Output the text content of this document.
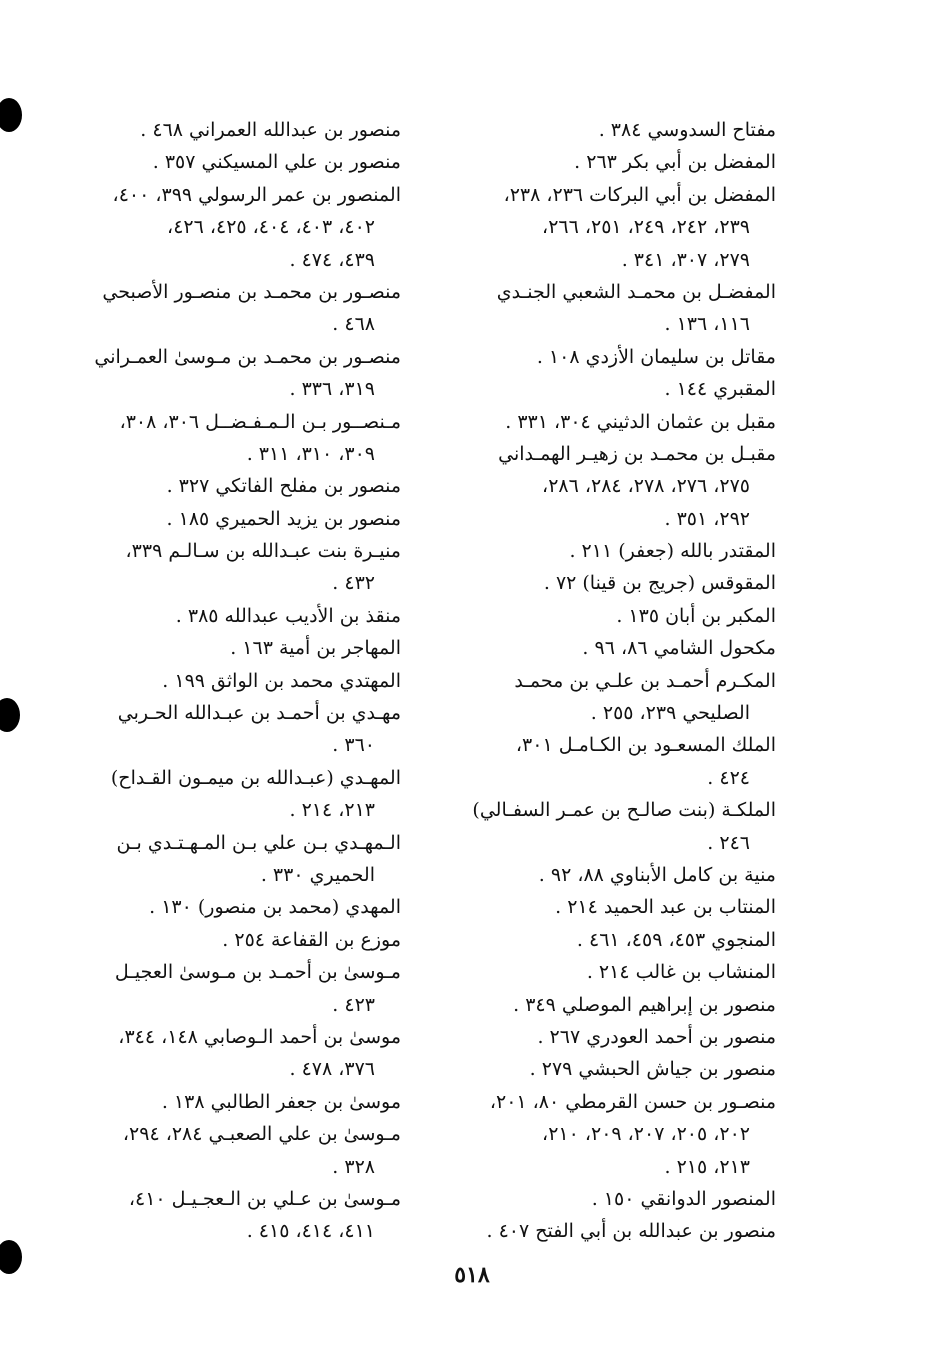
مفتاح السدوسي ٣٨٤ .
المفضل بن أبي بكر ٢٦٣ .
المفضل بن أبي البركات ٢٣٦، ٢٣٨،
٢٣٩، ٢٤٢، ٢٤٩، ٢٥١، ٢٦٦،
٢٧٩، ٣٠٧، ٣٤١ .
المفضـل بن محمـد الشعبي الجنـدي
١١٦، ١٣٦ .
مقاتل بن سليمان الأزدي ١٠٨ .
المقبري ١٤٤ .
مقبل بن عثمان الدثيني ٣٠٤، ٣٣١ .
مقبـل بن محمـد بن زهيـر الهمـداني
٢٧٥، ٢٧٦، ٢٧٨، ٢٨٤، ٢٨٦،
٢٩٢، ٣٥١ .
المقتدر بالله (جعفر) ٢١١ .
المقوقس (جريج بن قينا) ٧٢ .
المكبر بن أبان ١٣٥ .
مكحول الشامي ٨٦، ٩٦ .
المكـرم أحمـد بن علـي بن محمـد
الصليحي ٢٣٩، ٢٥٥ .
الملك المسعـود بن الكـامـل ٣٠١،
٤٢٤ .
الملكـة (بنت صالـح بن عمـر السفـالي)
٢٤٦ .
منية بن كامل الأبناوي ٨٨، ٩٢ .
المنتاب بن عبد الحميد ٢١٤ .
المنجوي ٤٥٣، ٤٥٩، ٤٦١ .
المنشاب بن غالب ٢١٤ .
منصور بن إبراهيم الموصلي ٣٤٩ .
منصور بن أحمد العودري ٢٦٧ .
منصور بن جياش الحبشي ٢٧٩ .
منصـور بن حسن القرمطي ٨٠، ٢٠١،
٢٠٢، ٢٠٥، ٢٠٧، ٢٠٩، ٢١٠،
٢١٣، ٢١٥ .
المنصور الدوانقي ١٥٠ .
منصور بن عبدالله بن أبي الفتح ٤٠٧ .
منصور بن عبدالله العمراني ٤٦٨ .
منصور بن علي المسيكني ٣٥٧ .
المنصور بن عمر الرسولي ٣٩٩، ٤٠٠،
٤٠٢، ٤٠٣، ٤٠٤، ٤٢٥، ٤٢٦،
٤٣٩، ٤٧٤ .
منصـور بن محمـد بن منصـور الأصبحي
٤٦٨ .
منصـور بن محمـد بن مـوسىٰ العمـراني
٣١٩، ٣٣٦ .
مـنصــور بـن الـمـفـضــل ٣٠٦، ٣٠٨،
٣٠٩، ٣١٠، ٣١١ .
منصور بن مفلح الفاتكي ٣٢٧ .
منصور بن يزيد الحميري ١٨٥ .
منيـرة بنت عبـدالله بن سـالـم ٣٣٩،
٤٣٢ .
منقذ بن الأديب عبدالله ٣٨٥ .
المهاجر بن أمية ١٦٣ .
المهتدي محمد بن الواثق ١٩٩ .
مهـدي بن أحمـد بن عبـدالله الحـربي
٣٦٠ .
المهـدي (عبـدالله بن ميمـون القـداح)
٢١٣، ٢١٤ .
الـمهـدي بـن علي بـن المـهـتـدي بـن
الحميري ٣٣٠ .
المهدي (محمد بن منصور) ١٣٠ .
موزع بن القفاعة ٢٥٤ .
مـوسىٰ بن أحمـد بن مـوسىٰ العجيـل
٤٢٣ .
موسىٰ بن أحمد الـوصابي ١٤٨، ٣٤٤،
٣٧٦، ٤٧٨ .
موسىٰ بن جعفر الطالبي ١٣٨ .
مـوسىٰ بن علي الصعبـي ٢٨٤، ٢٩٤،
٣٢٨ .
مـوسىٰ بن عـلي بن الـعجـيـل ٤١٠،
٤١١، ٤١٤، ٤١٥ .
٥١٨
